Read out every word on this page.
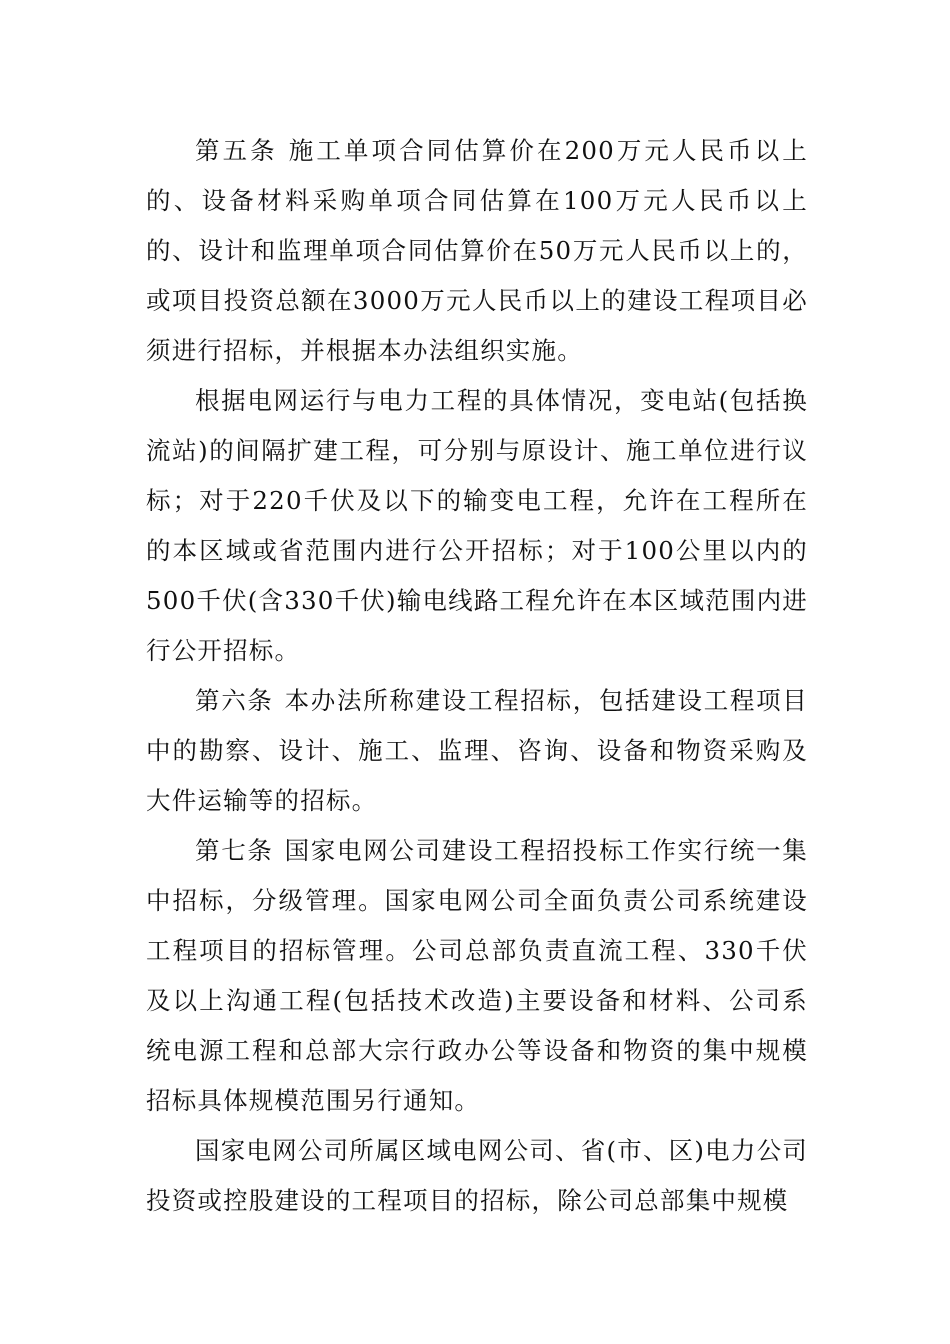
第五条 施工单项合同估算价在200万元人民币以上的、设备材料采购单项合同估算在100万元人民币以上的、设计和监理单项合同估算价在50万元人民币以上的，或项目投资总额在3000万元人民币以上的建设工程项目必须进行招标，并根据本办法组织实施。

根据电网运行与电力工程的具体情况，变电站(包括换流站)的间隔扩建工程，可分别与原设计、施工单位进行议标；对于220千伏及以下的输变电工程，允许在工程所在的本区域或省范围内进行公开招标；对于100公里以内的500千伏(含330千伏)输电线路工程允许在本区域范围内进行公开招标。

第六条 本办法所称建设工程招标，包括建设工程项目中的勘察、设计、施工、监理、咨询、设备和物资采购及大件运输等的招标。

第七条 国家电网公司建设工程招投标工作实行统一集中招标，分级管理。国家电网公司全面负责公司系统建设工程项目的招标管理。公司总部负责直流工程、330千伏及以上沟通工程(包括技术改造)主要设备和材料、公司系统电源工程和总部大宗行政办公等设备和物资的集中规模招标具体规模范围另行通知。

国家电网公司所属区域电网公司、省(市、区)电力公司投资或控股建设的工程项目的招标，除公司总部集中规模
